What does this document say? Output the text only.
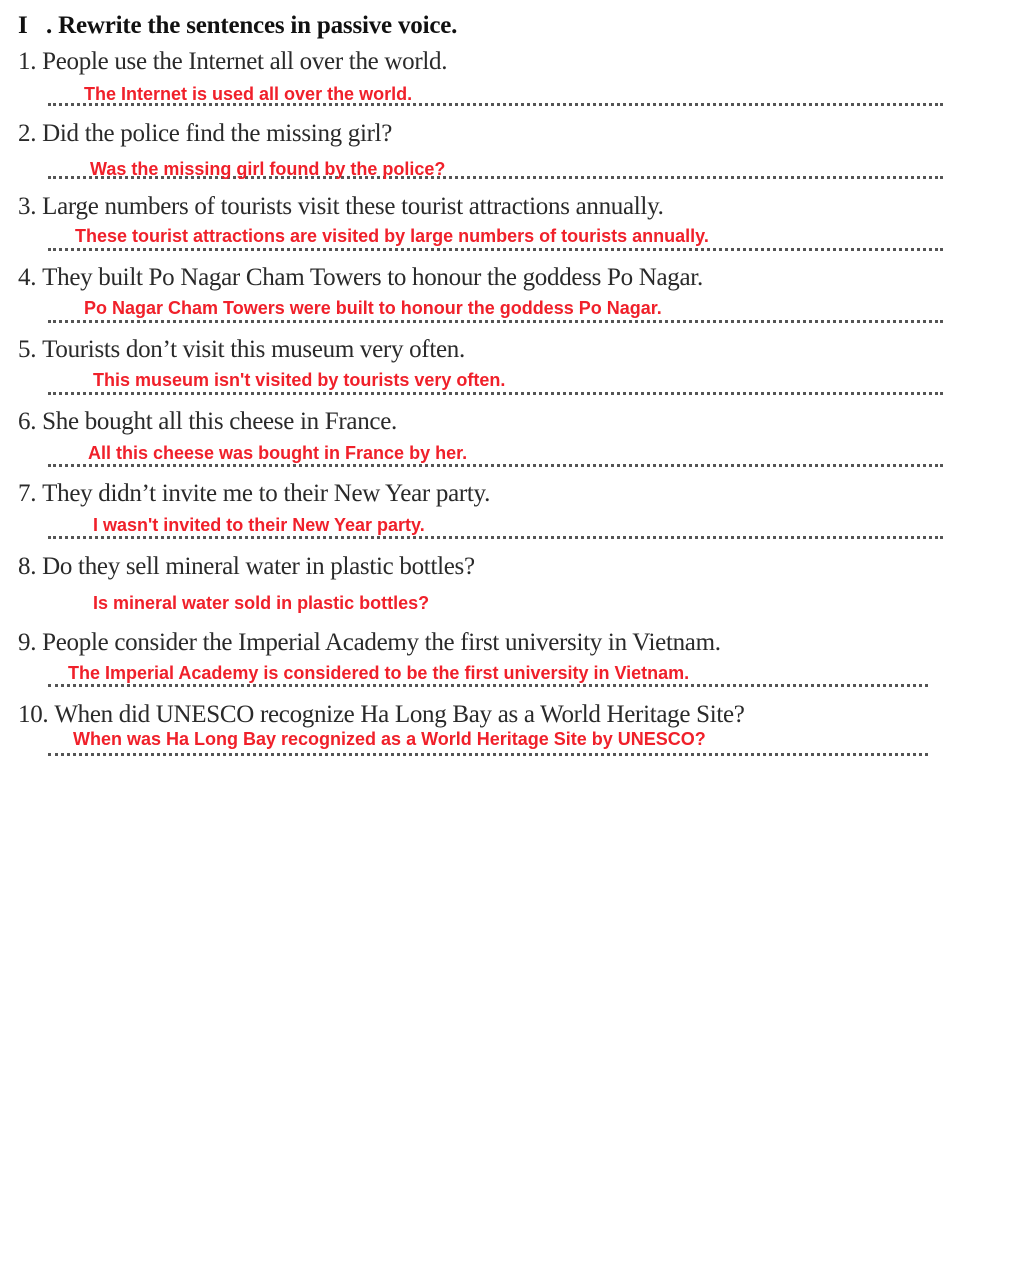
I . Rewrite the sentences in passive voice.
1. People use the Internet all over the world.
The Internet is used all over the world.
2. Did the police find the missing girl?
Was the missing girl found by the police?
3. Large numbers of tourists visit these tourist attractions annually.
These tourist attractions are visited by large numbers of tourists annually.
4. They built Po Nagar Cham Towers to honour the goddess Po Nagar.
Po Nagar Cham Towers were built to honour the goddess Po Nagar.
5. Tourists don’t visit this museum very often.
This museum isn't visited by tourists very often.
6. She bought all this cheese in France.
All this cheese was bought in France by her.
7. They didn’t invite me to their New Year party.
I wasn't invited to their New Year party.
8. Do they sell mineral water in plastic bottles?
Is mineral water sold in plastic bottles?
9. People consider the Imperial Academy the first university in Vietnam.
The Imperial Academy is considered to be the first university in Vietnam.
10. When did UNESCO recognize Ha Long Bay as a World Heritage Site?
When was Ha Long Bay recognized as a World Heritage Site by UNESCO?
